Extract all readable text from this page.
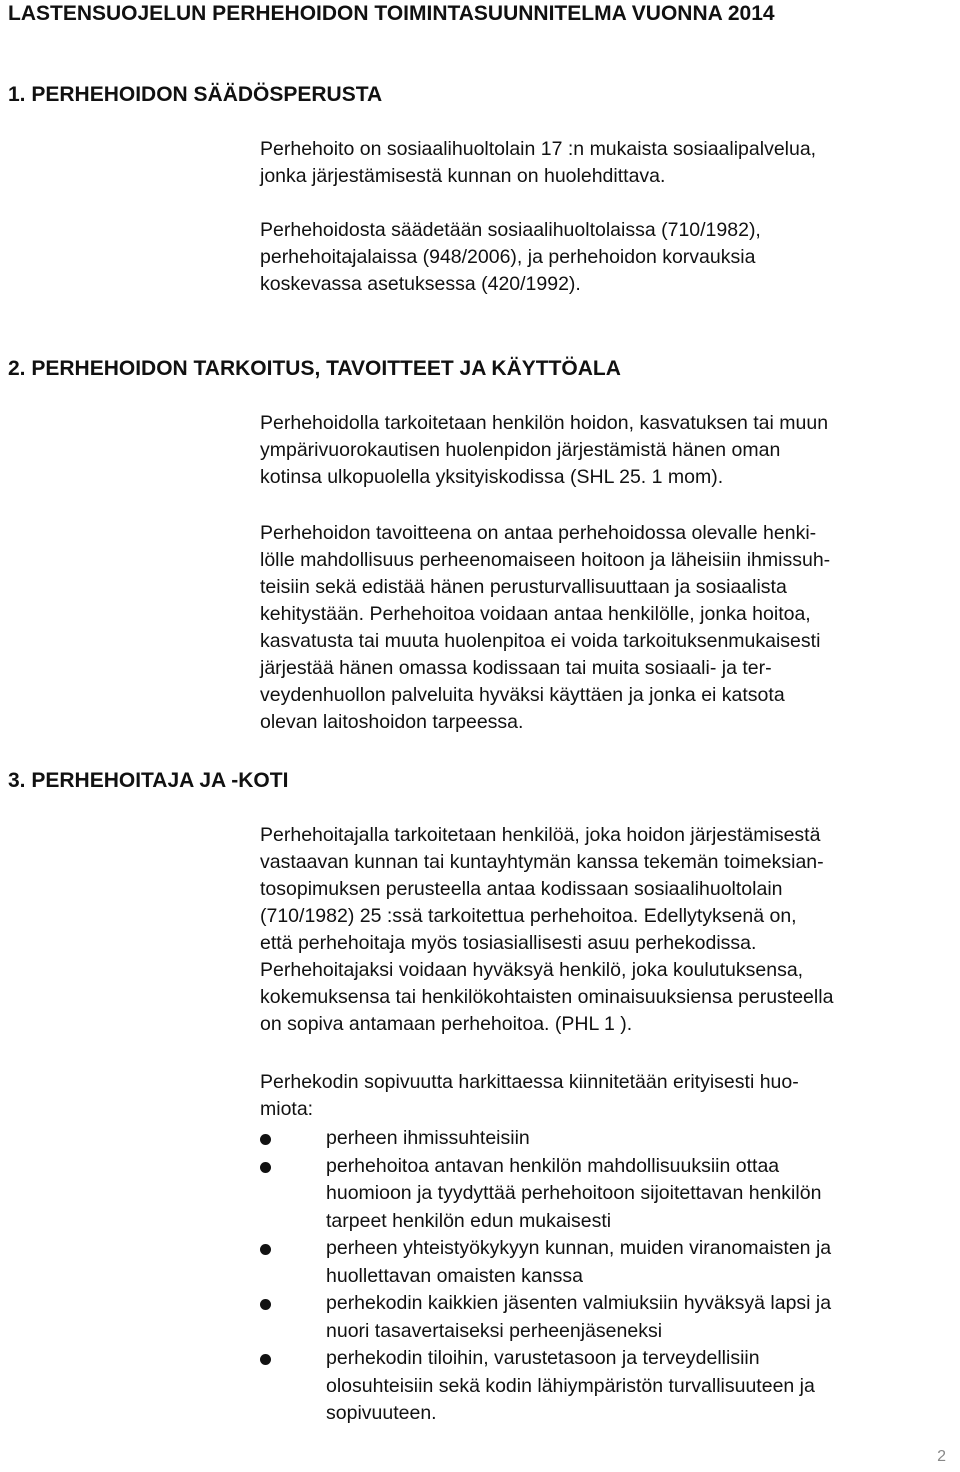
LASTENSUOJELUN PERHEHOIDON TOIMINTASUUNNITELMA VUONNA 2014
1. PERHEHOIDON SÄÄDÖSPERUSTA
Perhehoito on sosiaalihuoltolain 17 :n mukaista sosiaalipalvelua,
jonka järjestämisestä kunnan on huolehdittava.
Perhehoidosta säädetään sosiaalihuoltolaissa (710/1982),
perhehoitajalaissa (948/2006), ja perhehoidon korvauksia
koskevassa asetuksessa (420/1992).
2. PERHEHOIDON TARKOITUS, TAVOITTEET JA KÄYTTÖALA
Perhehoidolla tarkoitetaan henkilön hoidon, kasvatuksen tai muun
ympärivuorokautisen huolenpidon järjestämistä hänen oman
kotinsa ulkopuolella yksityiskodissa (SHL 25. 1 mom).
Perhehoidon tavoitteena on antaa perhehoidossa olevalle henki-
lölle mahdollisuus perheenomaiseen hoitoon ja läheisiin ihmissuh-
teisiin sekä edistää hänen perusturvallisuuttaan ja sosiaalista
kehitystään. Perhehoitoa voidaan antaa henkilölle, jonka hoitoa,
kasvatusta tai muuta huolenpitoa ei voida tarkoituksenmukaisesti
järjestää hänen omassa kodissaan tai muita sosiaali- ja ter-
veydenhuollon palveluita hyväksi käyttäen ja jonka ei katsota
olevan laitoshoidon tarpeessa.
3. PERHEHOITAJA JA -KOTI
Perhehoitajalla tarkoitetaan henkilöä, joka hoidon järjestämisestä
vastaavan kunnan tai kuntayhtymän kanssa tekemän toimeksian-
tosopimuksen perusteella antaa kodissaan sosiaalihuoltolain
(710/1982) 25 :ssä tarkoitettua perhehoitoa. Edellytyksenä on,
että perhehoitaja myös tosiasiallisesti asuu perhekodissa.
Perhehoitajaksi voidaan hyväksyä henkilö, joka koulutuksensa,
kokemuksensa tai henkilökohtaisten ominaisuuksiensa perusteella
on sopiva antamaan perhehoitoa. (PHL 1 ).
Perhekodin sopivuutta harkittaessa kiinnitetään erityisesti huo-
miota:
perheen ihmissuhteisiin
perhehoitoa antavan henkilön mahdollisuuksiin ottaa
huomioon ja tyydyttää perhehoitoon sijoitettavan henkilön
tarpeet henkilön edun mukaisesti
perheen yhteistyökykyyn kunnan, muiden viranomaisten ja
huollettavan omaisten kanssa
perhekodin kaikkien jäsenten valmiuksiin hyväksyä lapsi ja
nuori tasavertaiseksi perheenjäseneksi
perhekodin tiloihin, varustetasoon ja terveydellisiin
olosuhteisiin sekä kodin lähiympäristön turvallisuuteen ja
sopivuuteen.
2
